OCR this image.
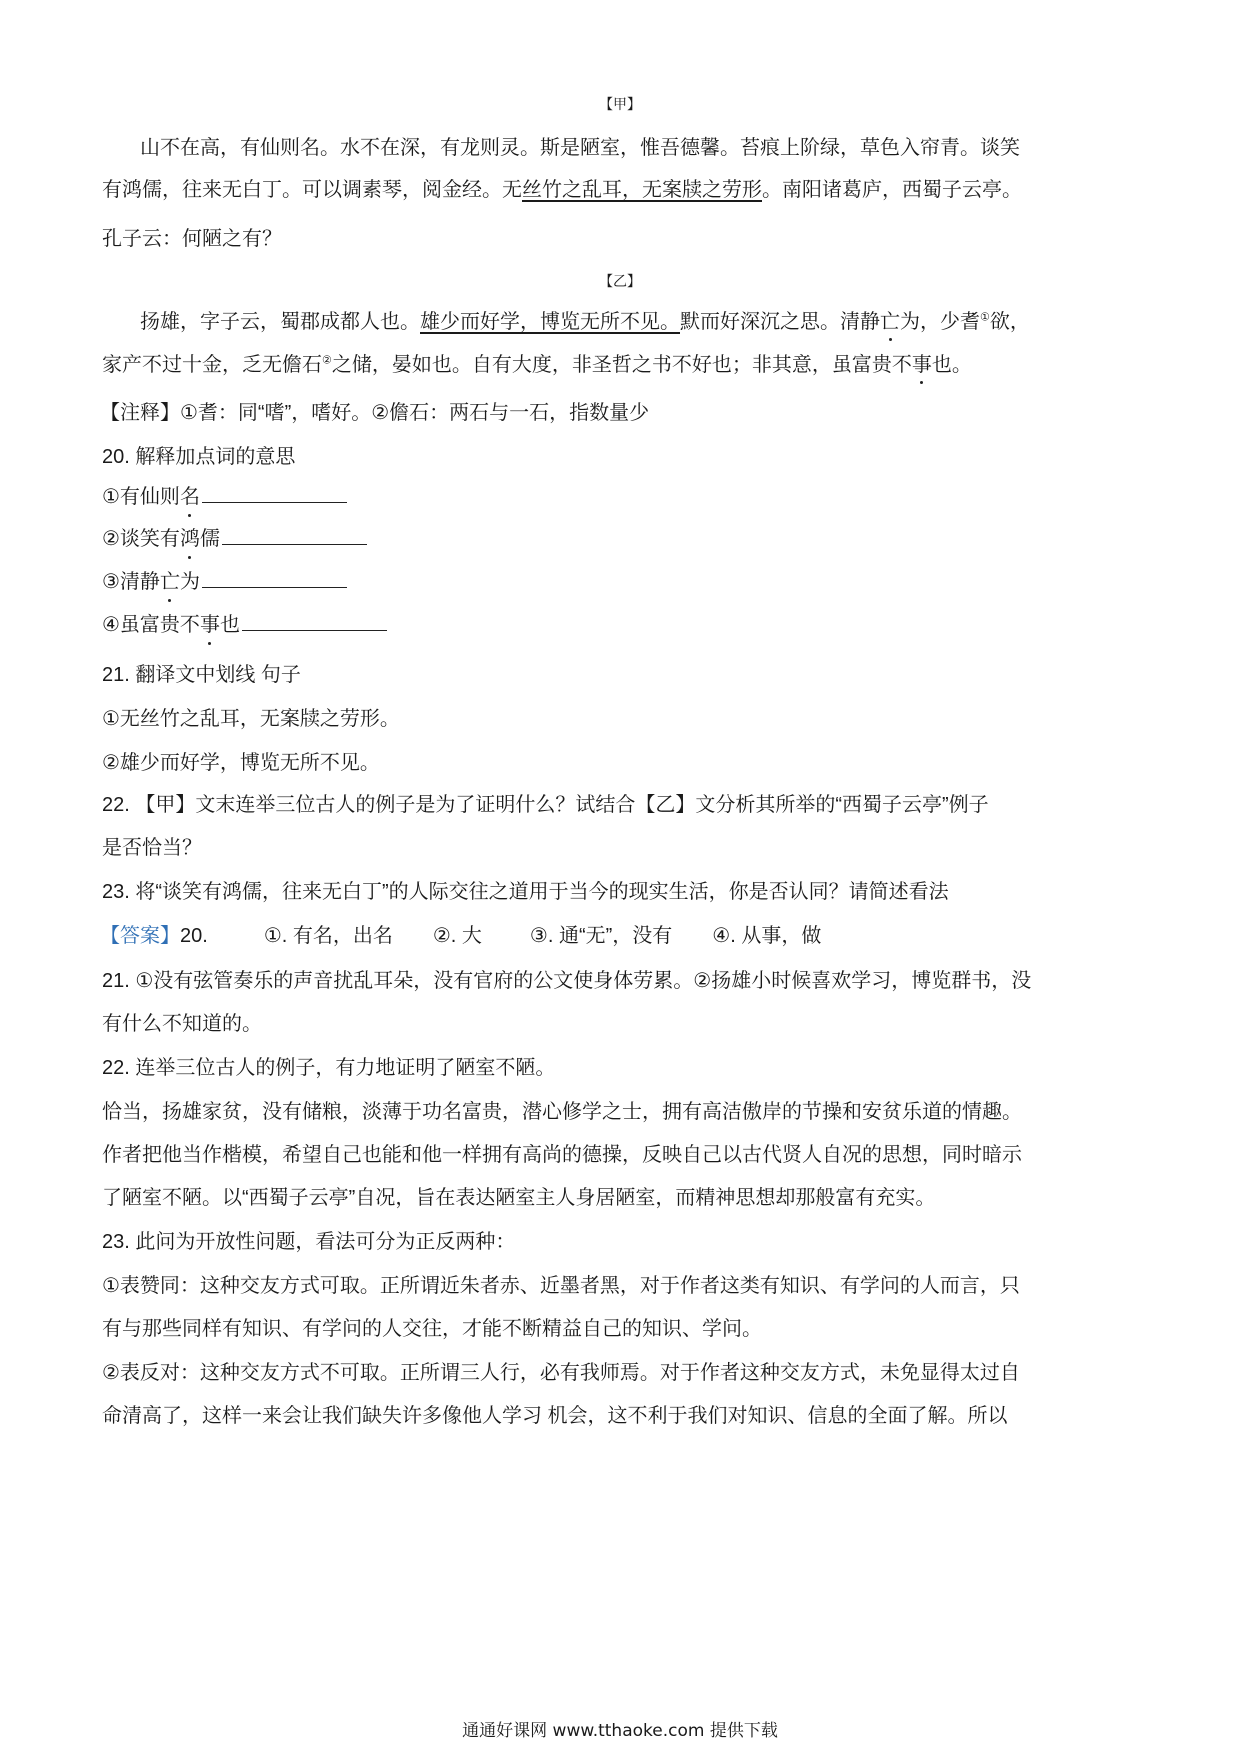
【甲】
山不在高，有仙则名。水不在深，有龙则灵。斯是陋室，惟吾德馨。苔痕上阶绿，草色入帘青。谈笑
有鸿儒，往来无白丁。可以调素琴，阅金经。无丝竹之乱耳，无案牍之劳形。南阳诸葛庐，西蜀子云亭。
孔子云：何陋之有？
【乙】
扬雄，字子云，蜀郡成都人也。雄少而好学，博览无所不见。默而好深沉之思。清静亡为，少耆①欲，
家产不过十金，乏无儋石②之储，晏如也。自有大度，非圣哲之书不好也；非其意，虽富贵不事也。
【注释】①耆：同“嗜”，嗜好。②儋石：两石与一石，指数量少
20. 解释加点词的意思
①有仙则名
②谈笑有鸿儒
③清静亡为
④虽富贵不事也
21. 翻译文中划线 句子
①无丝竹之乱耳，无案牍之劳形。
②雄少而好学，博览无所不见。
22. 【甲】文末连举三位古人的例子是为了证明什么？试结合【乙】文分析其所举的“西蜀子云亭”例子
是否恰当？
23. 将“谈笑有鸿儒，往来无白丁”的人际交往之道用于当今的现实生活，你是否认同？请简述看法
【答案】20.	①. 有名，出名 ②. 大 ③. 通“无”，没有 ④. 从事，做
21. ①没有弦管奏乐的声音扰乱耳朵，没有官府的公文使身体劳累。②扬雄小时候喜欢学习，博览群书，没
有什么不知道的。
22. 连举三位古人的例子，有力地证明了陋室不陋。
恰当，扬雄家贫，没有储粮，淡薄于功名富贵，潜心修学之士，拥有高洁傲岸的节操和安贫乐道的情趣。
作者把他当作楷模，希望自己也能和他一样拥有高尚的德操，反映自己以古代贤人自况的思想，同时暗示
了陋室不陋。以“西蜀子云亭”自况，旨在表达陋室主人身居陋室，而精神思想却那般富有充实。
23. 此问为开放性问题，看法可分为正反两种：
①表赞同：这种交友方式可取。正所谓近朱者赤、近墨者黑，对于作者这类有知识、有学问的人而言，只
有与那些同样有知识、有学问的人交往，才能不断精益自己的知识、学问。
②表反对：这种交友方式不可取。正所谓三人行，必有我师焉。对于作者这种交友方式，未免显得太过自
命清高了，这样一来会让我们缺失许多像他人学习 机会，这不利于我们对知识、信息的全面了解。所以
通通好课网 www.tthaoke.com 提供下载
